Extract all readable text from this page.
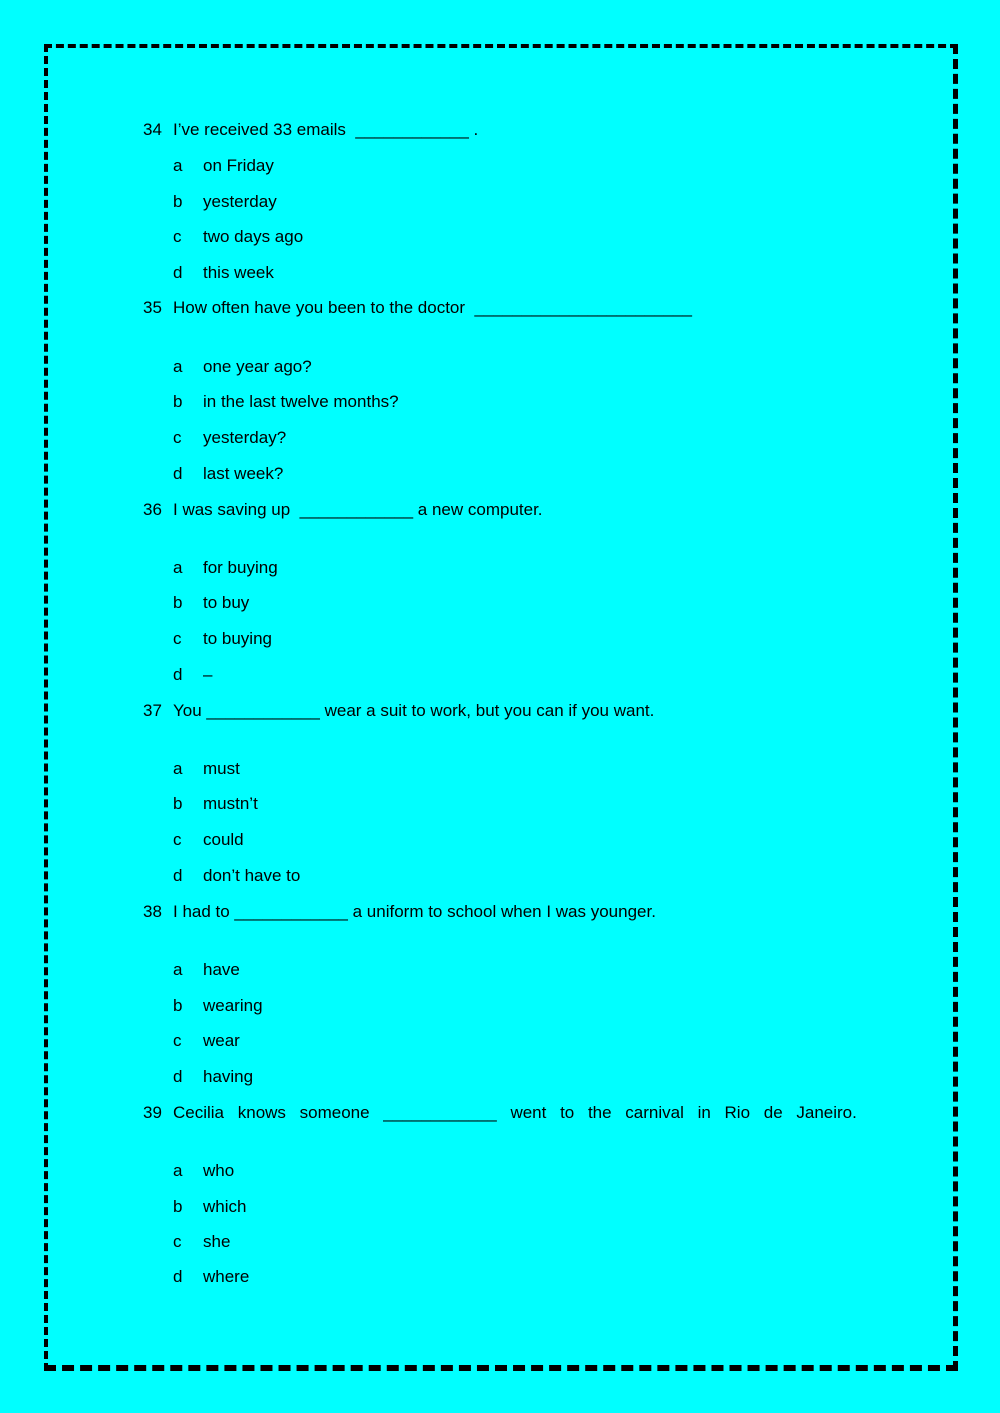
34 I’ve received 33 emails  ____________ .
a on Friday
b yesterday
c two days ago
d this week
35 How often have you been to the doctor  _______________________
a one year ago?
b in the last twelve months?
c yesterday?
d last week?
36 I was saving up  ____________ a new computer.
a for buying
b to buy
c to buying
d –
37 You ____________ wear a suit to work, but you can if you want.
a must
b mustn’t
c could
d don’t have to
38 I had to ____________ a uniform to school when I was younger.
a have
b wearing
c wear
d having
39 Cecilia knows someone ____________ went to the carnival in Rio de Janeiro.
a who
b which
c she
d where
